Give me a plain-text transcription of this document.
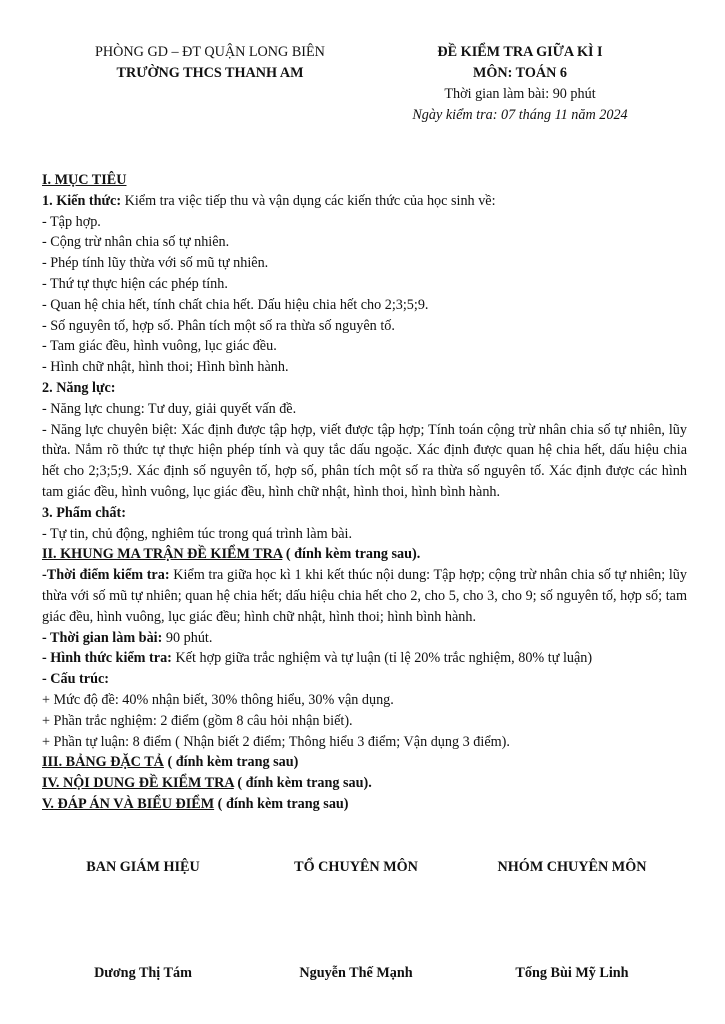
PHÒNG GD – ĐT QUẬN LONG BIÊN
TRƯỜNG THCS THANH AM
ĐỀ KIỂM TRA GIỮA KÌ I
MÔN: TOÁN 6
Thời gian làm bài: 90 phút
Ngày kiểm tra: 07 tháng 11 năm 2024
I. MỤC TIÊU
1. Kiến thức: Kiểm tra việc tiếp thu và vận dụng các kiến thức của học sinh về:
- Tập hợp.
- Cộng trừ nhân chia số tự nhiên.
- Phép tính lũy thừa với số mũ tự nhiên.
- Thứ tự thực hiện các phép tính.
- Quan hệ chia hết, tính chất chia hết. Dấu hiệu chia hết cho 2;3;5;9.
- Số nguyên tố, hợp số. Phân tích một số ra thừa số nguyên tố.
- Tam giác đều, hình vuông, lục giác đều.
- Hình chữ nhật, hình thoi; Hình bình hành.
2. Năng lực:
- Năng lực chung: Tư duy, giải quyết vấn đề.
- Năng lực chuyên biệt: Xác định được tập hợp, viết được tập hợp; Tính toán cộng trừ nhân chia số tự nhiên, lũy thừa. Nắm rõ thức tự thực hiện phép tính và quy tắc dấu ngoặc. Xác định được quan hệ chia hết, dấu hiệu chia hết cho 2;3;5;9. Xác định số nguyên tố, hợp số, phân tích một số ra thừa số nguyên tố. Xác định được các hình tam giác đều, hình vuông, lục giác đều, hình chữ nhật, hình thoi, hình bình hành.
3. Phẩm chất:
- Tự tin, chủ động, nghiêm túc trong quá trình làm bài.
II. KHUNG MA TRẬN ĐỀ KIỂM TRA ( đính kèm trang sau).
-Thời điểm kiểm tra: Kiểm tra giữa học kì 1 khi kết thúc nội dung: Tập hợp; cộng trừ nhân chia số tự nhiên; lũy thừa với số mũ tự nhiên; quan hệ chia hết; dấu hiệu chia hết cho 2, cho 5, cho 3, cho 9; số nguyên tố, hợp số; tam giác đều, hình vuông, lục giác đều; hình chữ nhật, hình thoi; hình bình hành.
- Thời gian làm bài: 90 phút.
- Hình thức kiểm tra: Kết hợp giữa trắc nghiệm và tự luận (tỉ lệ 20% trắc nghiệm, 80% tự luận)
- Cấu trúc:
+ Mức độ đề: 40% nhận biết, 30% thông hiểu, 30% vận dụng.
+ Phần trắc nghiệm: 2 điểm (gồm 8 câu hỏi nhận biết).
+ Phần tự luận: 8 điểm ( Nhận biết 2 điểm; Thông hiểu 3 điểm; Vận dụng 3 điểm).
III. BẢNG ĐẶC TẢ ( đính kèm trang sau)
IV. NỘI DUNG ĐỀ KIỂM TRA ( đính kèm trang sau).
V. ĐÁP ÁN VÀ BIỂU ĐIỂM ( đính kèm trang sau)
BAN GIÁM HIỆU	TỔ CHUYÊN MÔN	NHÓM CHUYÊN MÔN
Dương Thị Tám	Nguyễn Thế Mạnh	Tống Bùi Mỹ Linh
